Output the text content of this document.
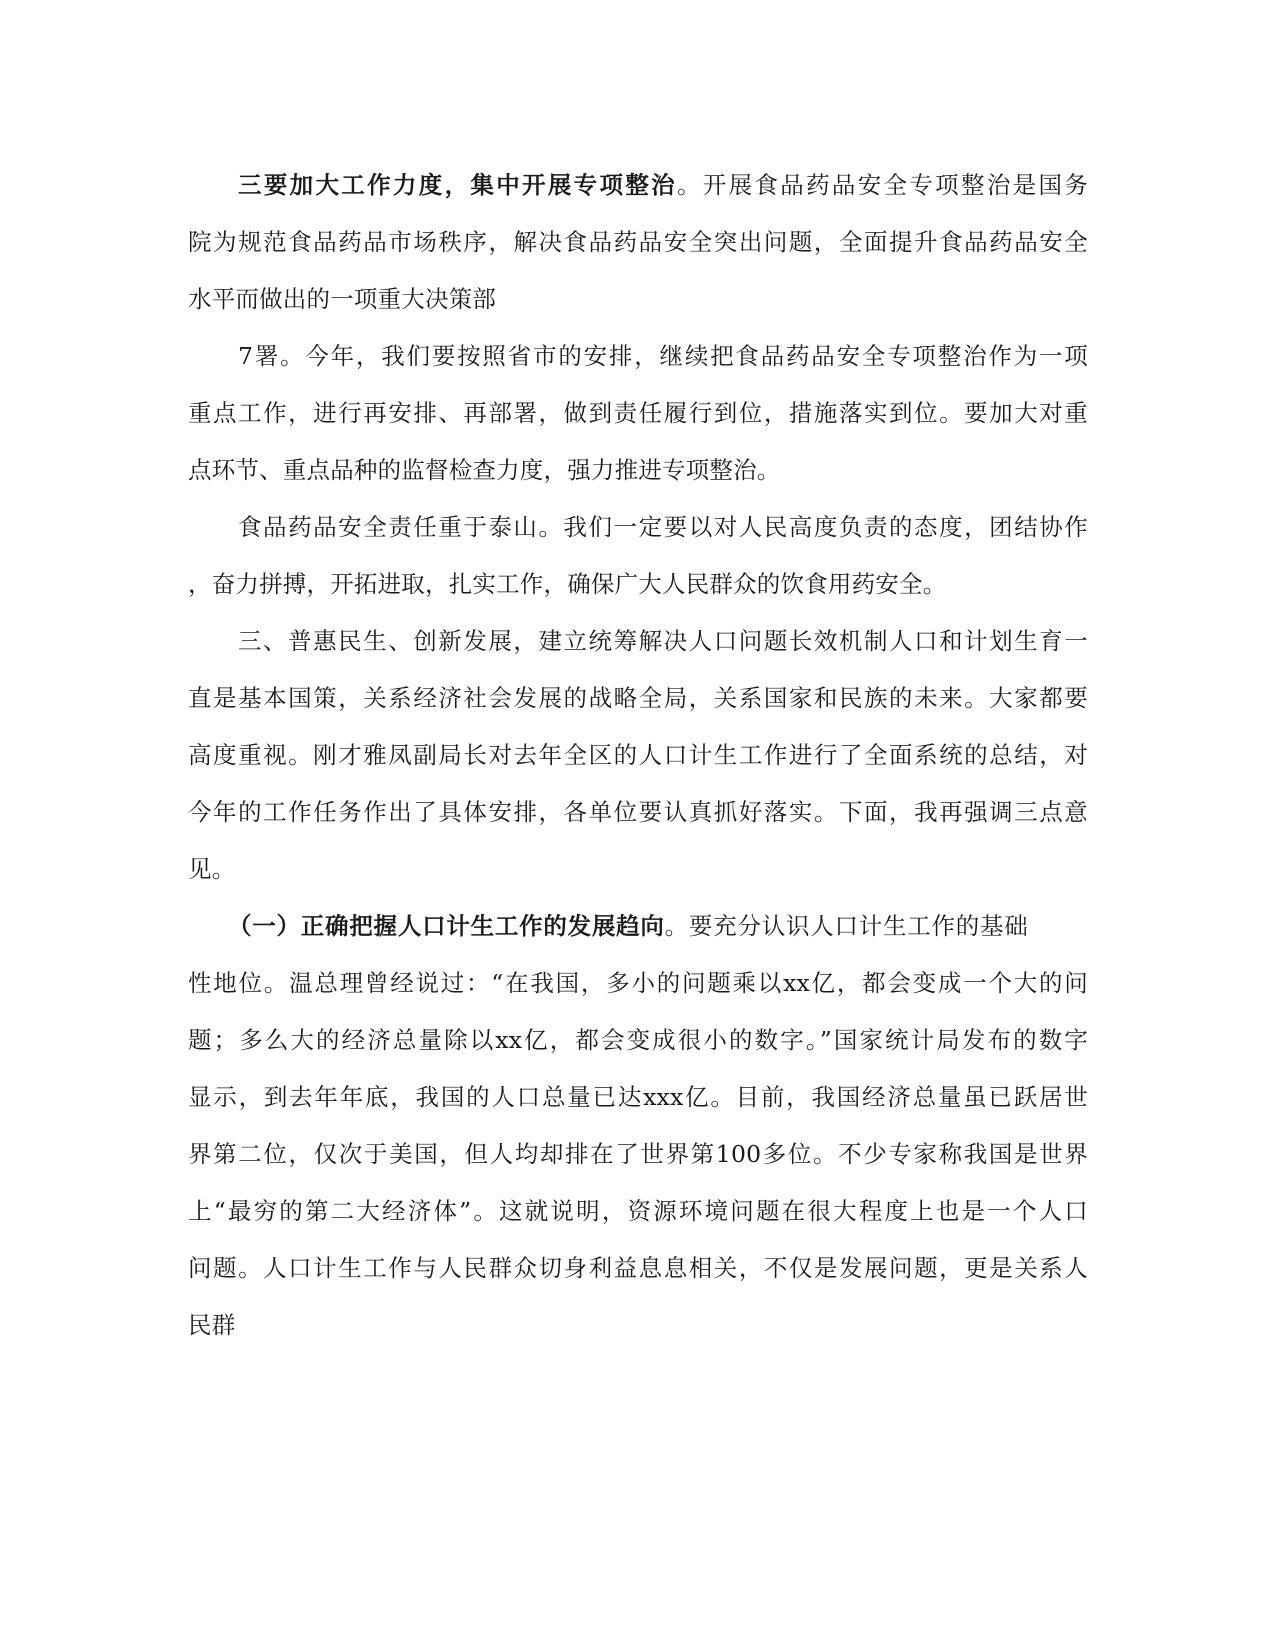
三要加大工作力度，集中开展专项整治。开展食品药品安全专项整治是国务
院为规范食品药品市场秩序，解决食品药品安全突出问题，全面提升食品药品安全
水平而做出的一项重大决策部
7署。今年，我们要按照省市的安排，继续把食品药品安全专项整治作为一项
重点工作，进行再安排、再部署，做到责任履行到位，措施落实到位。要加大对重
点环节、重点品种的监督检查力度，强力推进专项整治。
食品药品安全责任重于泰山。我们一定要以对人民高度负责的态度，团结协作
，奋力拼搏，开拓进取，扎实工作，确保广大人民群众的饮食用药安全。
三、普惠民生、创新发展，建立统筹解决人口问题长效机制人口和计划生育一
直是基本国策，关系经济社会发展的战略全局，关系国家和民族的未来。大家都要
高度重视。刚才雅凤副局长对去年全区的人口计生工作进行了全面系统的总结，对
今年的工作任务作出了具体安排，各单位要认真抓好落实。下面，我再强调三点意
见。
（一）正确把握人口计生工作的发展趋向。要充分认识人口计生工作的基础
性地位。温总理曾经说过：“在我国，多小的问题乘以xx亿，都会变成一个大的问
题；多么大的经济总量除以xx亿，都会变成很小的数字。”国家统计局发布的数字
显示，到去年年底，我国的人口总量已达xxx亿。目前，我国经济总量虽已跃居世
界第二位，仅次于美国，但人均却排在了世界第100多位。不少专家称我国是世界
上“最穷的第二大经济体”。这就说明，资源环境问题在很大程度上也是一个人口
问题。人口计生工作与人民群众切身利益息息相关，不仅是发展问题，更是关系人
民群
